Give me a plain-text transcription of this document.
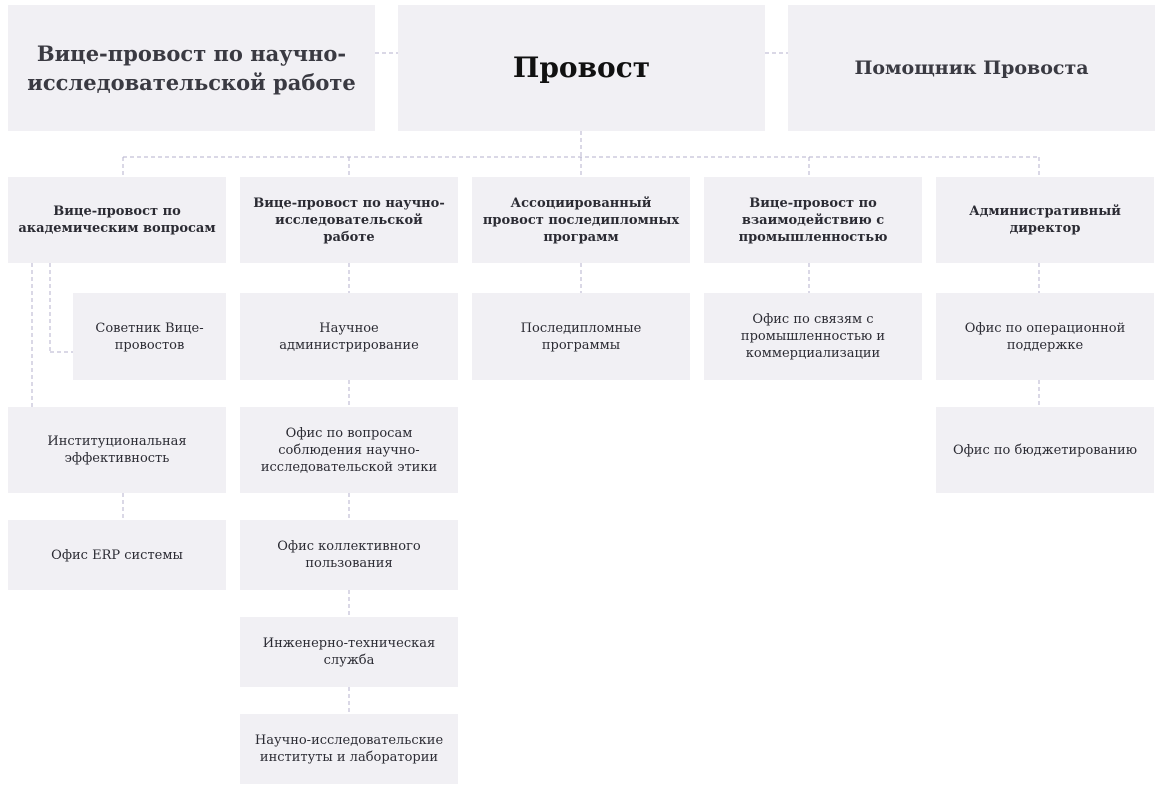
Вице-провост по научно-исследовательской работе	Провост	Помощник Провоста
Вице-провост по академическим вопросам
Советник Вице-провостов
Институциональная эффективность
Офис ERP системы
Вице-провост по научно-исследовательской работе
Научное администрирование
Офис по вопросам соблюдения научно-исследовательской этики
Офис коллективного пользования
Инженерно-техническая служба
Научно-исследовательские институты и лаборатории
Ассоциированный провост последипломных программ
Последипломные программы
Вице-провост по взаимодействию с промышленностью
Офис по связям с промышленностью и коммерциализации
Административный директор
Офис по операционной поддержке
Офис по бюджетированию
